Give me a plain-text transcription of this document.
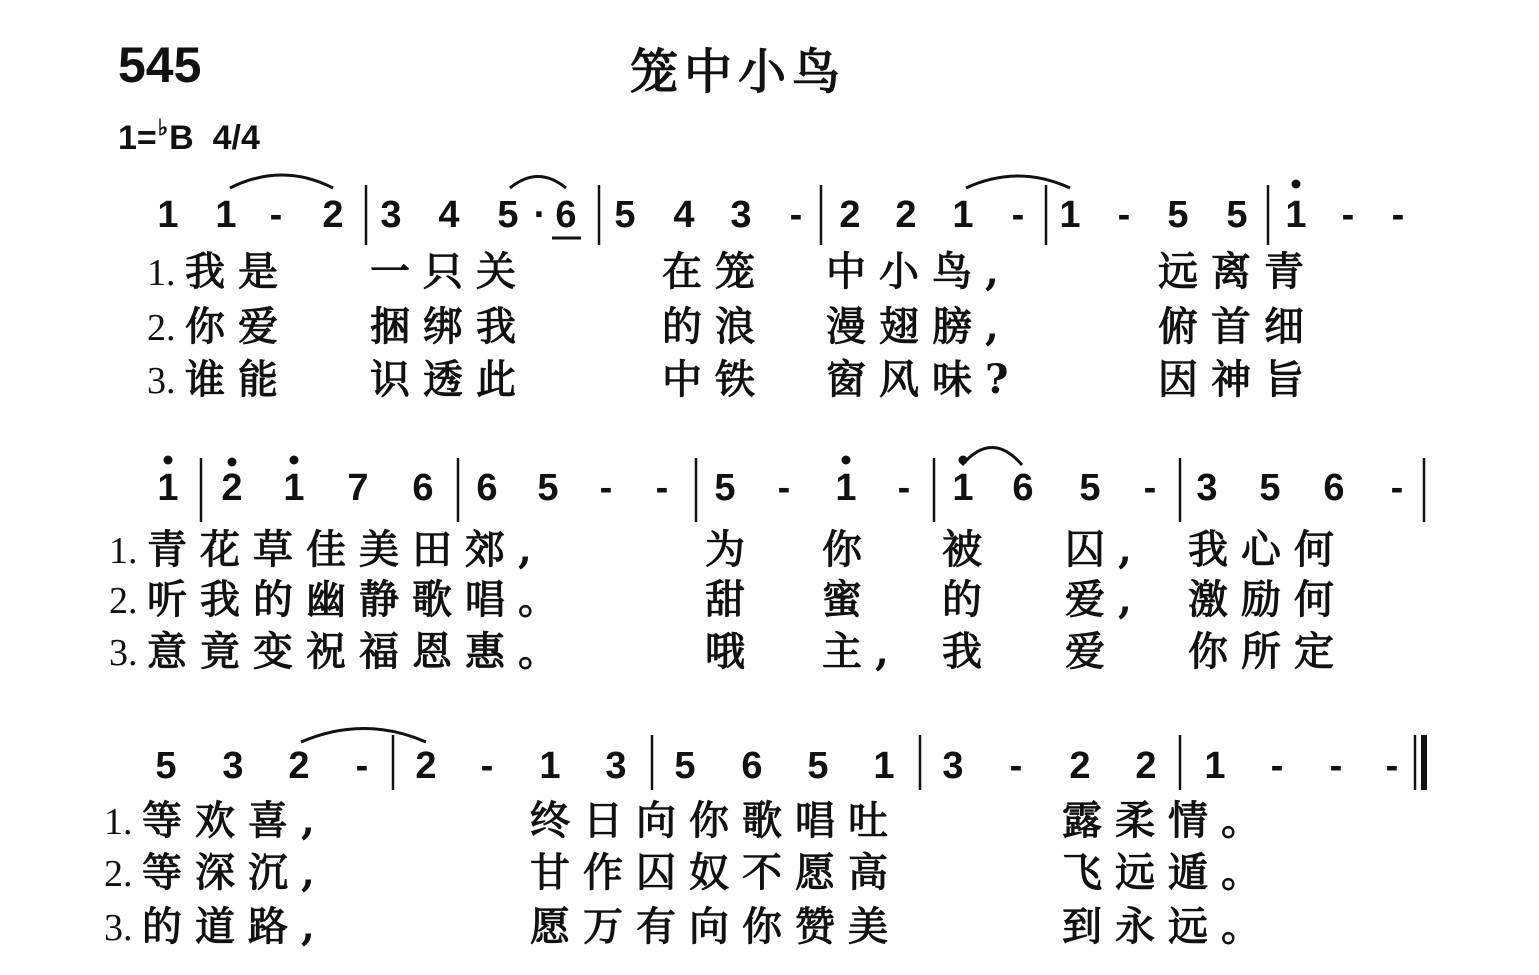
545	笼中小鸟
1=♭B 4/4
1 1 - 2 3 4 5 · 6 5 4 3 - 2 2 1 - 1 - 5 5 1 - -
1. 我是 一只关	在笼 中小鸟,	远离青
2. 你爱 捆绑我	的浪 漫翅膀,	俯首细
3. 谁能 识透此	中铁 窗风味?	因神旨
1 2 1 7 6 6 5 - - 5 - 1 - 1 6 5 - 3 5 6 -
1. 青花草佳美田郊,	为 你 被 囚, 我心何
2. 听我的幽静歌唱。	甜 蜜 的 爱, 激励何
3. 意竟变祝福恩惠。	哦 主, 我 爱 你所定
5 3 2 - 2 - 1 3 5 6 5 1 3 - 2 2 1 - - -
1. 等欢喜,	终日向你歌唱吐	露柔情。
2. 等深沉,	甘作囚奴不愿高	飞远遁。
3. 的道路,	愿万有向你赞美	到永远。
